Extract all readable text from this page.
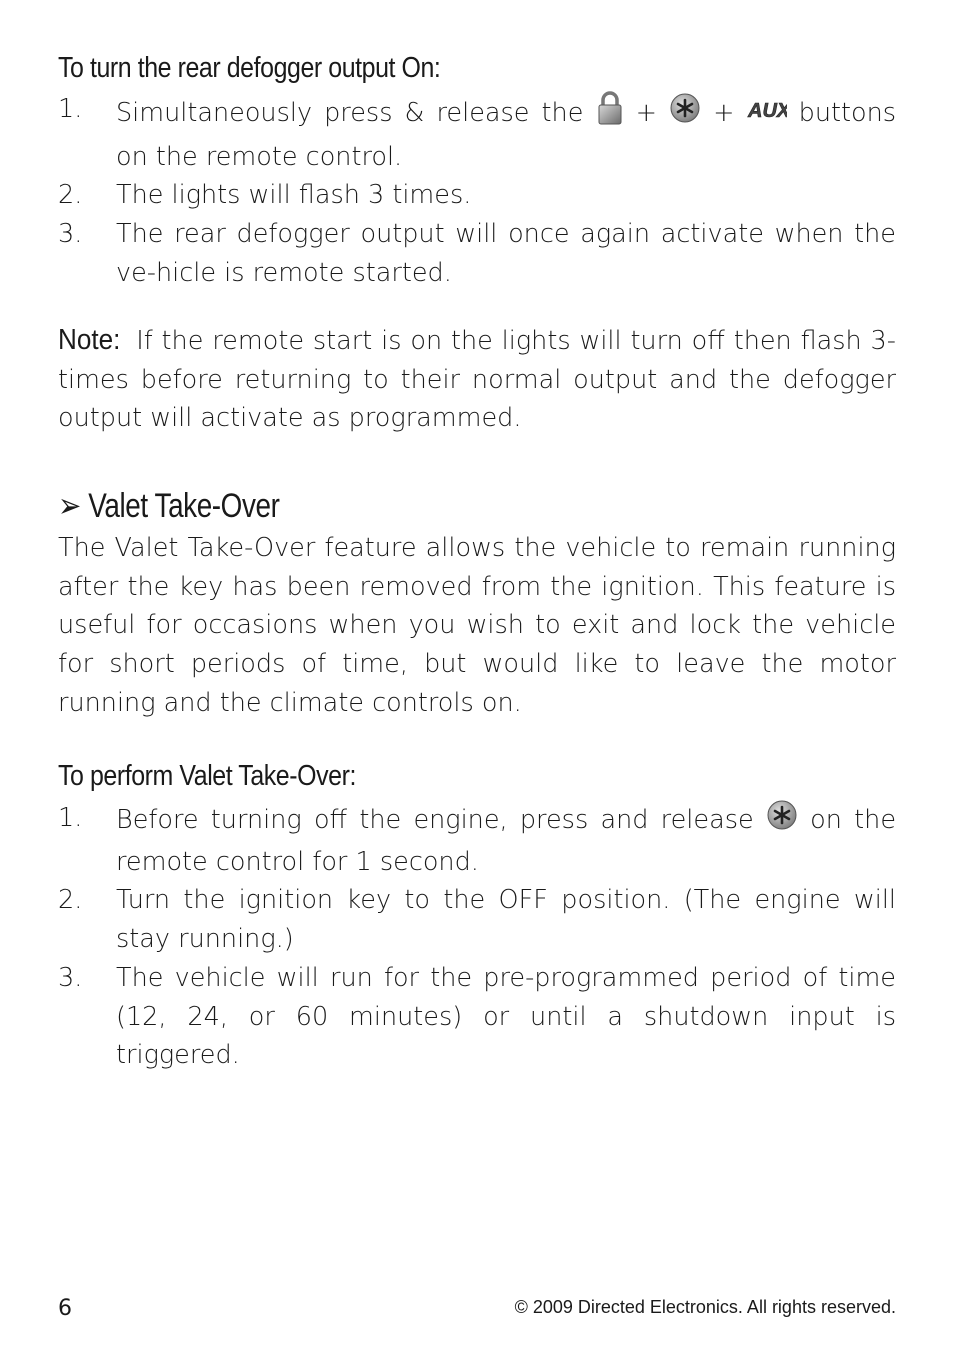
To turn the rear defogger output On:
1. Simultaneously press & release the + + AUX buttons on the remote control.
2. The lights will flash 3 times.
3. The rear defogger output will once again activate when the ve-hicle is remote started.

Note: If the remote start is on the lights will turn off then flash 3-times before returning to their normal output and the defogger output will activate as programmed.

➢ Valet Take-Over

The Valet Take-Over feature allows the vehicle to remain running after the key has been removed from the ignition. This feature is useful for occasions when you wish to exit and lock the vehicle for short periods of time, but would like to leave the motor running and the climate controls on.

To perform Valet Take-Over:
1. Before turning off the engine, press and release on the remote control for 1 second.
2. Turn the ignition key to the OFF position. (The engine will stay running.)
3. The vehicle will run for the pre-programmed period of time (12, 24, or 60 minutes) or until a shutdown input is triggered.
6	© 2009 Directed Electronics. All rights reserved.
